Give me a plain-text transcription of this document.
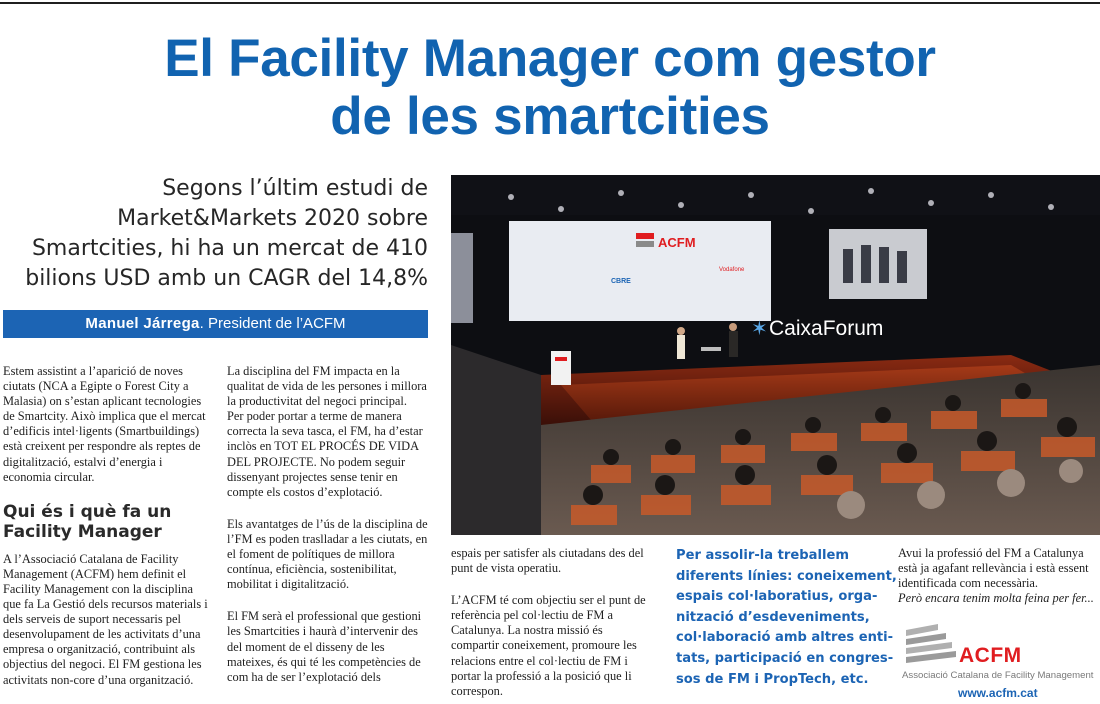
El Facility Manager com gestor
de les smartcities
Segons l’últim estudi de
Market&Markets 2020 sobre
Smartcities, hi ha un mercat de 410
bilions USD amb un CAGR del 14,8%
Manuel Járrega. President de l’ACFM

Estem assistint a l’aparició de noves ciutats (NCA a Egipte o Forest City a Malasia) on s’estan aplicant tecnologies de Smartcity. Això implica que el mercat d’edificis intel·ligents (Smartbuildings) està creixent per respondre als reptes de digitalització, estalvi d’energia i economia circular.

Qui és i què fa un
Facility Manager

A l’Associació Catalana de Facility Management (ACFM) hem definit el Facility Management con la disciplina que fa La Gestió dels recursos materials i dels serveis de suport necessaris pel desenvolupament de les activitats d’una empresa o organització, contribuint als objectius del negoci. El FM gestiona les activitats non-core d’una organització.

La disciplina del FM impacta en la qualitat de vida de les persones i millora la productivitat del negoci principal.

Per poder portar a terme de manera correcta la seva tasca, el FM, ha d’estar inclòs en TOT EL PROCÉS DE VIDA DEL PROJECTE. No podem seguir dissenyant projectes sense tenir en compte els costos d’explotació.

Els avantatges de l’ús de la disciplina de l’FM es poden traslladar a les ciutats, en el foment de polítiques de millora contínua, eficiència, sostenibilitat, mobilitat i digitalització.

El FM serà el professional que gestioni les Smartcities i haurà d’intervenir des del moment de el disseny de les mateixes, és qui té les competències de com ha de ser l’explotació dels

ACFM
CBRE
Vodafone
CaixaForum
✶

espais per satisfer als ciutadans des del punt de vista operatiu.

L’ACFM té com objectiu ser el punt de referència pel col·lectiu de FM a Catalunya. La nostra missió és compartir coneixement, promoure les relacions entre el col·lectiu de FM i portar la professió a la posició que li correspon.

Per assolir-la treballem
diferents línies: coneixement,
espais col·laboratius, orga-
nització d’esdeveniments,
col·laboració amb altres enti-
tats, participació en congres-
sos de FM i PropTech, etc.

Avui la professió del FM a Catalunya està ja agafant rellevància i està essent identificada com necessària.

Però encara tenim molta feina per fer...

ACFM
Associació Catalana de Facility Management
www.acfm.cat
